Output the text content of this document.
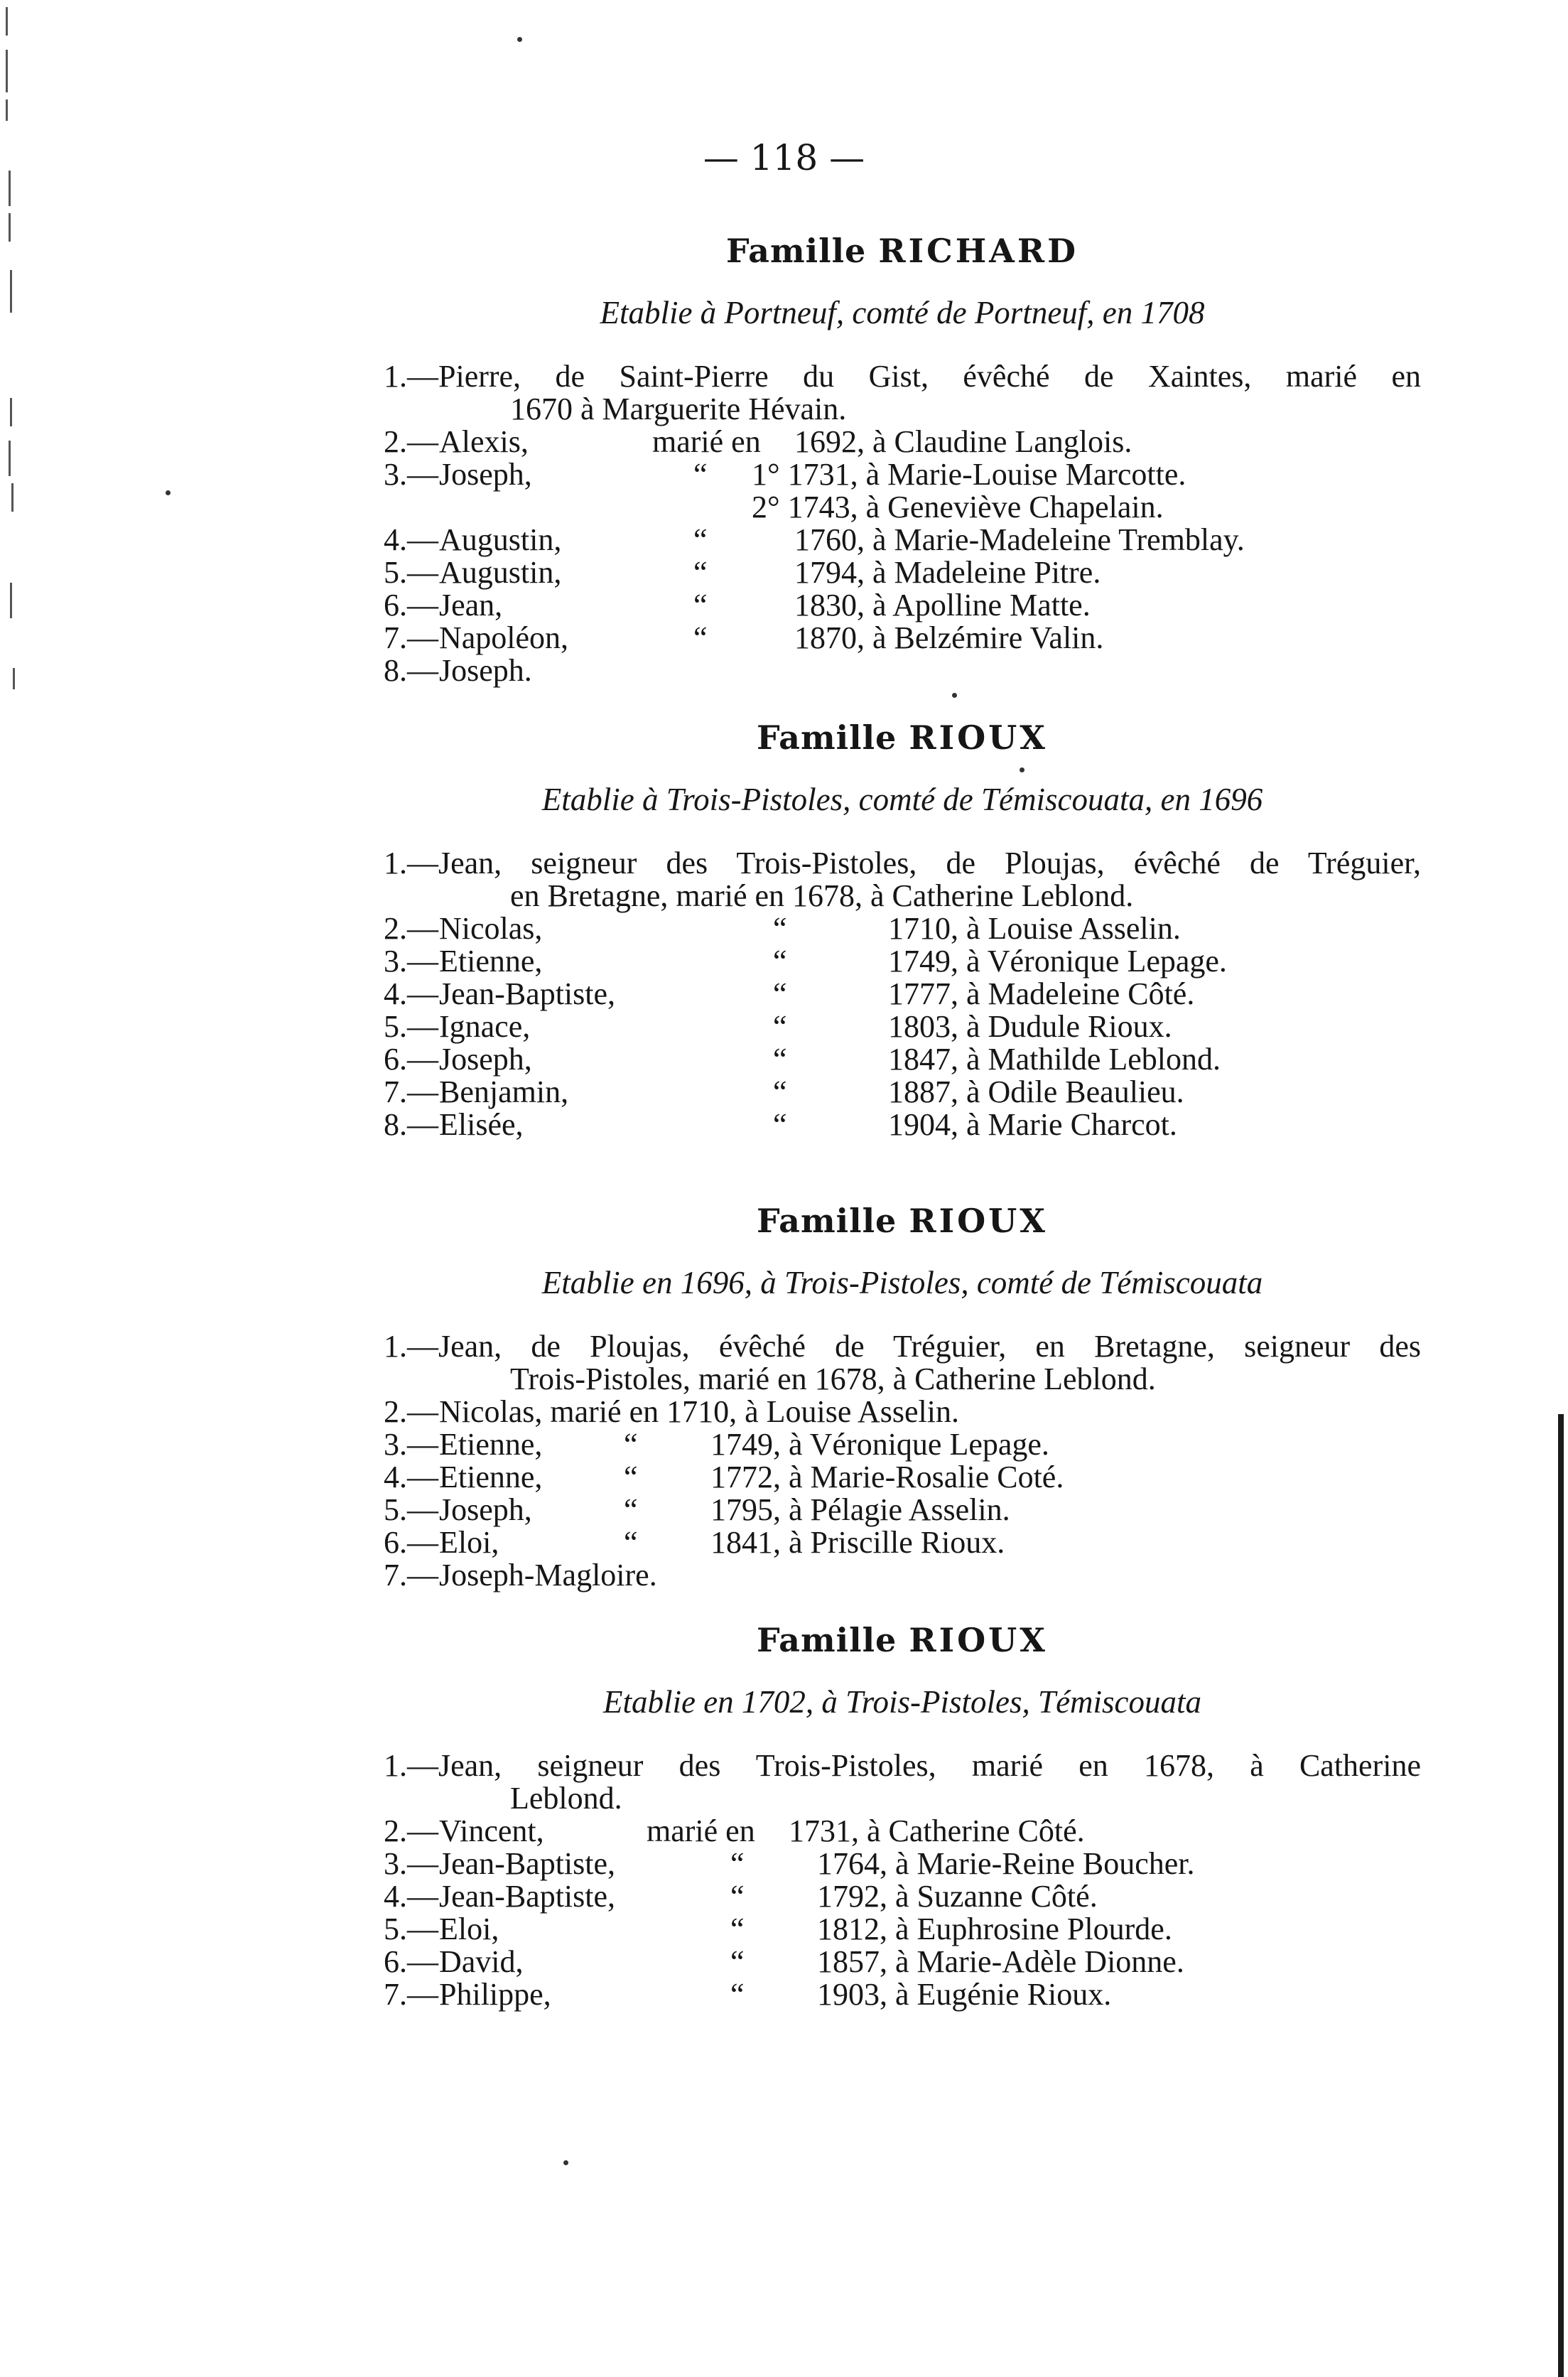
— 118 —
Famille RICHARD
Etablie à Portneuf, comté de Portneuf, en 1708
1.—Pierre, de Saint-Pierre du Gist, évêché de Xaintes, marié en
1670 à Marguerite Hévain.
2.— Alexis,	marié en	1692, à Claudine Langlois.
3.— Joseph,	“	1° 1731, à Marie-Louise Marcotte.
2° 1743, à Geneviève Chapelain.
4.— Augustin,	“	1760, à Marie-Madeleine Tremblay.
5.— Augustin,	“	1794, à Madeleine Pitre.
6.— Jean,	“	1830, à Apolline Matte.
7.— Napoléon,	“	1870, à Belzémire Valin.
8.— Joseph.
Famille RIOUX
Etablie à Trois-Pistoles, comté de Témiscouata, en 1696
1.—Jean, seigneur des Trois-Pistoles, de Ploujas, évêché de Tréguier,
en Bretagne, marié en 1678, à Catherine Leblond.
2.— Nicolas,	“	1710, à Louise Asselin.
3.— Etienne,	“	1749, à Véronique Lepage.
4.— Jean-Baptiste,	“	1777, à Madeleine Côté.
5.— Ignace,	“	1803, à Dudule Rioux.
6.— Joseph,	“	1847, à Mathilde Leblond.
7.— Benjamin,	“	1887, à Odile Beaulieu.
8.— Elisée,	“	1904, à Marie Charcot.
Famille RIOUX
Etablie en 1696, à Trois-Pistoles, comté de Témiscouata
1.—Jean, de Ploujas, évêché de Tréguier, en Bretagne, seigneur des
Trois-Pistoles, marié en 1678, à Catherine Leblond.
2.— Nicolas, marié en 1710, à Louise Asselin.
3.— Etienne,	“	1749, à Véronique Lepage.
4.— Etienne,	“	1772, à Marie-Rosalie Coté.
5.— Joseph,	“	1795, à Pélagie Asselin.
6.— Eloi,	“	1841, à Priscille Rioux.
7.— Joseph-Magloire.
Famille RIOUX
Etablie en 1702, à Trois-Pistoles, Témiscouata
1.—Jean, seigneur des Trois-Pistoles, marié en 1678, à Catherine
Leblond.
2.— Vincent,	marié en	1731, à Catherine Côté.
3.— Jean-Baptiste,	“	1764, à Marie-Reine Boucher.
4.— Jean-Baptiste,	“	1792, à Suzanne Côté.
5.— Eloi,	“	1812, à Euphrosine Plourde.
6.— David,	“	1857, à Marie-Adèle Dionne.
7.— Philippe,	“	1903, à Eugénie Rioux.
